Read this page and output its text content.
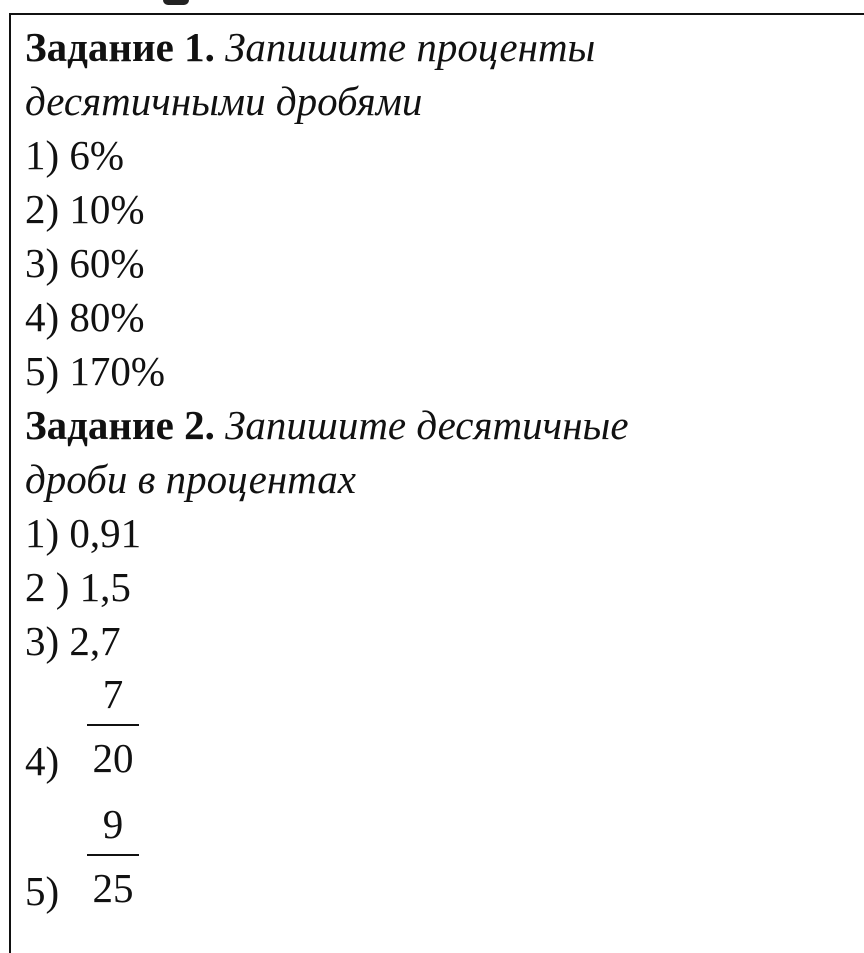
Задание 1. Запишите проценты
десятичными дробями
1) 6%
2) 10%
3) 60%
4) 80%
5) 170%
Задание 2. Запишите десятичные
дроби в процентах
1) 0,91
2 ) 1,5
3) 2,7
4)
7
20
5)
9
25
